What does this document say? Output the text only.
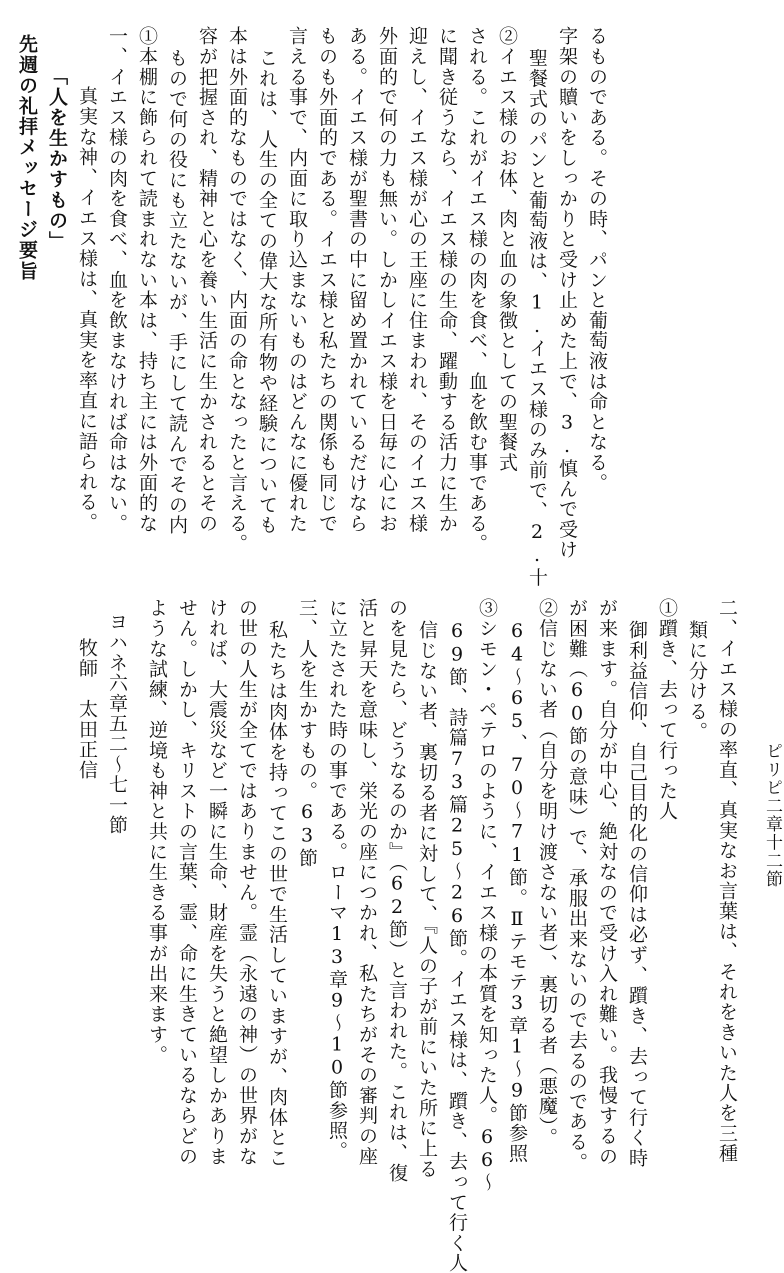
先週の礼拝メッセージ要旨 「人を生かすもの」 真実な神、イエス様は、真実を率直に語られる。
牧師　太田正信
一、イエス様の肉を食べ、血を飲まなければ命はない。
ヨハネ六章五二〜七一節
①本棚に飾られて読まれない本は、持ち主には外面的な もので何の役にも立たないが、手にして読んでその内 容が把握され、精神と心を養い生活に生かされるとその 本は外面的なものではなく、内面の命となったと言える。 これは、人生の全ての偉大な所有物や経験についても 言える事で、内面に取り込まないものはどんなに優れた ものも外面的である。イエス様と私たちの関係も同じで ある。イエス様が聖書の中に留め置かれているだけなら 外面的で何の力も無い。しかしイエス様を日毎に心にお 迎えし、イエス様が心の王座に住まわれ、そのイエス様 に聞き従うなら、イエス様の生命、躍動する活力に生か される。これがイエス様の肉を食べ、血を飲む事である。 ②イエス様のお体、肉と血の象徴としての聖餐式 聖餐式のパンと葡萄液は、1.イエス様のみ前で、2.十 字架の贖いをしっかりと受け止めた上で、3.慎んで受け るものである。その時、パンと葡萄液は命となる。
ピリピ二章十二節
二、イエス様の率直、真実なお言葉は、それをきいた人を三種
類に分ける。
①躓き、去って行った人
御利益信仰、自己目的化の信仰は必ず、躓き、去って行く時
が来ます。自分が中心、絶対なので受け入れ難い。我慢するの
が困難（60節の意味）で、承服出来ないので去るのである。
②信じない者（自分を明け渡さない者）、裏切る者（悪魔）。
64〜65、70〜71節。Ⅱテモテ3章1〜9節参照
③シモン・ペテロのように、イエス様の本質を知った人。66〜
69節、詩篇73篇25〜26節。イエス様は、躓き、去って行く人
信じない者、裏切る者に対して、『人の子が前にいた所に上る
のを見たら、どうなるのか』（62節）と言われた。これは、復
活と昇天を意味し、栄光の座につかれ、私たちがその審判の座
に立たされた時の事である。ローマ13章9〜10節参照。
三、人を生かすもの。63節
私たちは肉体を持ってこの世で生活していますが、肉体とこ
の世の人生が全てではありません。霊（永遠の神）の世界がな
ければ、大震災など一瞬に生命、財産を失うと絶望しかありま
せん。しかし、キリストの言葉、霊、命に生きているならどの
ような試練、逆境も神と共に生きる事が出来ます。
